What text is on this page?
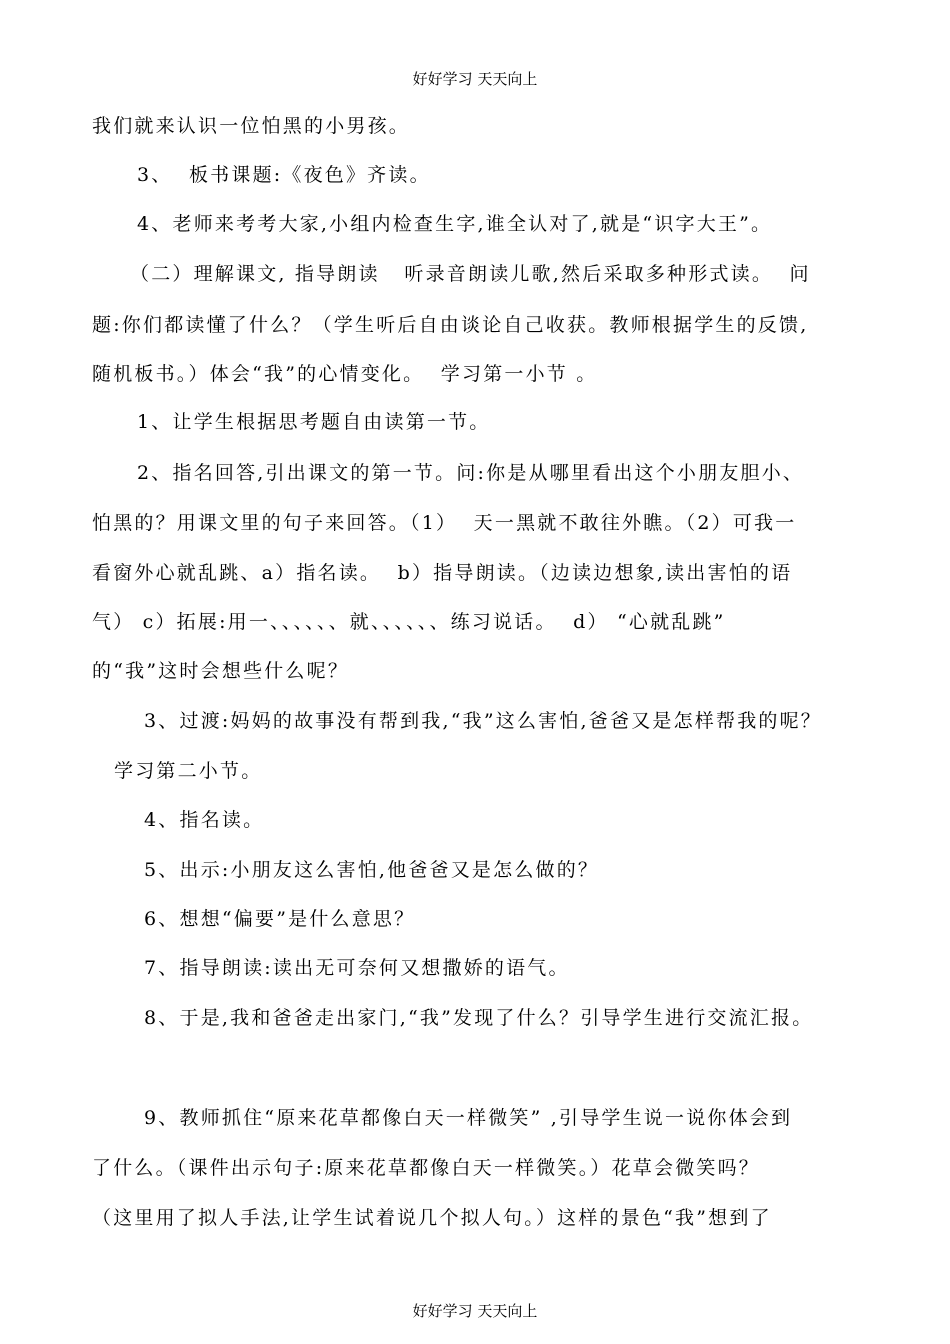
好好学习 天天向上
我们就来认识一位怕黑的小男孩。
3、  板书课题:《夜色》齐读。
4、老师来考考大家,小组内检查生字,谁全认对了,就是“识字大王”。
（二）理解课文, 指导朗读   听录音朗读儿歌,然后采取多种形式读。  问
题:你们都读懂了什么？（学生听后自由谈论自己收获。教师根据学生的反馈,
随机板书。）体会“我”的心情变化。  学习第一小节 。
1、让学生根据思考题自由读第一节。
2、指名回答,引出课文的第一节。问:你是从哪里看出这个小朋友胆小、
怕黑的？用课文里的句子来回答。（1）  天一黑就不敢往外瞧。（2）可我一
看窗外心就乱跳、a）指名读。  b）指导朗读。（边读边想象,读出害怕的语
气） c）拓展:用一、、、、、、就、、、、、、练习说话。  d） “心就乱跳”
的“我”这时会想些什么呢？
3、过渡:妈妈的故事没有帮到我,“我”这么害怕,爸爸又是怎样帮我的呢？
学习第二小节。
4、指名读。
5、出示:小朋友这么害怕,他爸爸又是怎么做的？
6、想想“偏要”是什么意思？
7、指导朗读:读出无可奈何又想撒娇的语气。
8、于是,我和爸爸走出家门,“我”发现了什么？引导学生进行交流汇报。
9、教师抓住“原来花草都像白天一样微笑” ,引导学生说一说你体会到
了什么。（课件出示句子:原来花草都像白天一样微笑。）花草会微笑吗？
（这里用了拟人手法,让学生试着说几个拟人句。）这样的景色“我”想到了
好好学习 天天向上
